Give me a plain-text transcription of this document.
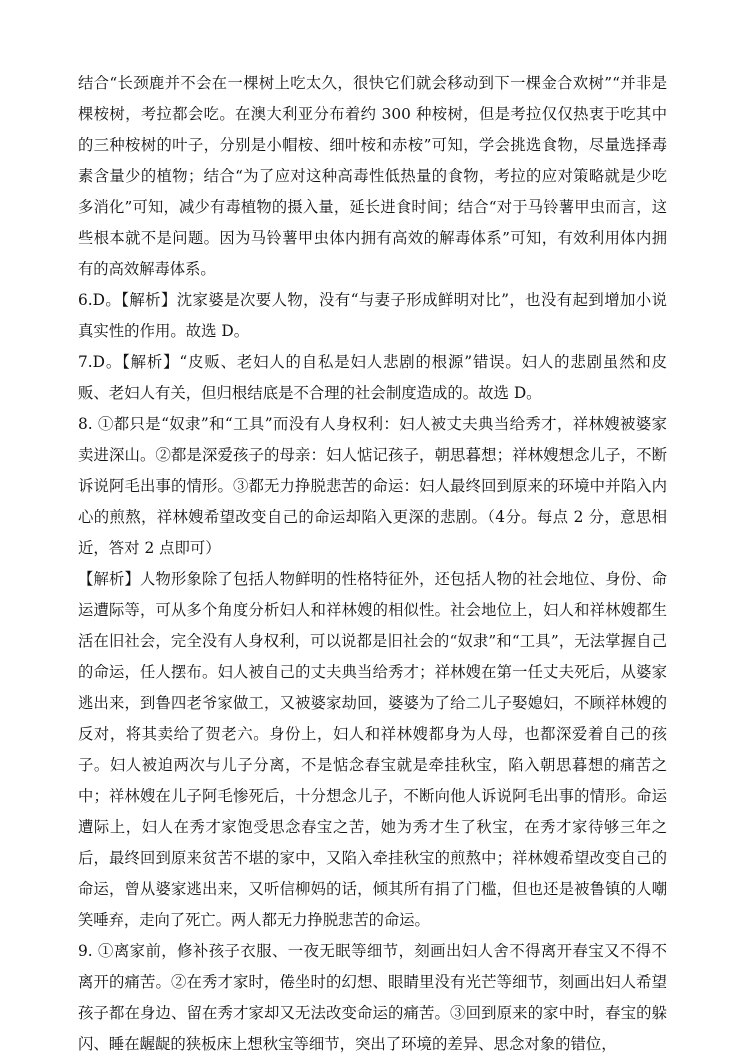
结合“长颈鹿并不会在一棵树上吃太久，很快它们就会移动到下一棵金合欢树”“并非是棵桉树，考拉都会吃。在澳大利亚分布着约 300 种桉树，但是考拉仅仅热衷于吃其中的三种桉树的叶子，分别是小帽桉、细叶桉和赤桉”可知，学会挑选食物，尽量选择毒素含量少的植物；结合“为了应对这种高毒性低热量的食物，考拉的应对策略就是少吃多消化”可知，减少有毒植物的摄入量，延长进食时间；结合“对于马铃薯甲虫而言，这些根本就不是问题。因为马铃薯甲虫体内拥有高效的解毒体系”可知，有效利用体内拥有的高效解毒体系。

6.D。【解析】沈家婆是次要人物，没有“与妻子形成鲜明对比”，也没有起到增加小说真实性的作用。故选 D。

7.D。【解析】“皮贩、老妇人的自私是妇人悲剧的根源”错误。妇人的悲剧虽然和皮贩、老妇人有关，但归根结底是不合理的社会制度造成的。故选 D。

8. ①都只是“奴隶”和“工具”而没有人身权利：妇人被丈夫典当给秀才，祥林嫂被婆家卖进深山。②都是深爱孩子的母亲：妇人惦记孩子，朝思暮想；祥林嫂想念儿子，不断诉说阿毛出事的情形。③都无力挣脱悲苦的命运：妇人最终回到原来的环境中并陷入内心的煎熬，祥林嫂希望改变自己的命运却陷入更深的悲剧。（4分。每点 2 分，意思相近，答对 2 点即可）

【解析】人物形象除了包括人物鲜明的性格特征外，还包括人物的社会地位、身份、命运遭际等，可从多个角度分析妇人和祥林嫂的相似性。社会地位上，妇人和祥林嫂都生活在旧社会，完全没有人身权利，可以说都是旧社会的“奴隶”和“工具”，无法掌握自己的命运，任人摆布。妇人被自己的丈夫典当给秀才；祥林嫂在第一任丈夫死后，从婆家逃出来，到鲁四老爷家做工，又被婆家劫回，婆婆为了给二儿子娶媳妇，不顾祥林嫂的反对，将其卖给了贺老六。身份上，妇人和祥林嫂都身为人母，也都深爱着自己的孩子。妇人被迫两次与儿子分离，不是惦念春宝就是牵挂秋宝，陷入朝思暮想的痛苦之中；祥林嫂在儿子阿毛惨死后，十分想念儿子，不断向他人诉说阿毛出事的情形。命运遭际上，妇人在秀才家饱受思念春宝之苦，她为秀才生了秋宝，在秀才家待够三年之后，最终回到原来贫苦不堪的家中，又陷入牵挂秋宝的煎熬中；祥林嫂希望改变自己的命运，曾从婆家逃出来，又听信柳妈的话，倾其所有捐了门槛，但也还是被鲁镇的人嘲笑唾弃，走向了死亡。两人都无力挣脱悲苦的命运。

9. ①离家前，修补孩子衣服、一夜无眠等细节，刻画出妇人舍不得离开春宝又不得不离开的痛苦。②在秀才家时，倦坐时的幻想、眼睛里没有光芒等细节，刻画出妇人希望孩子都在身边、留在秀才家却又无法改变命运的痛苦。③回到原来的家中时，春宝的躲闪、睡在龌龊的狭板床上想秋宝等细节，突出了环境的差异、思念对象的错位，
